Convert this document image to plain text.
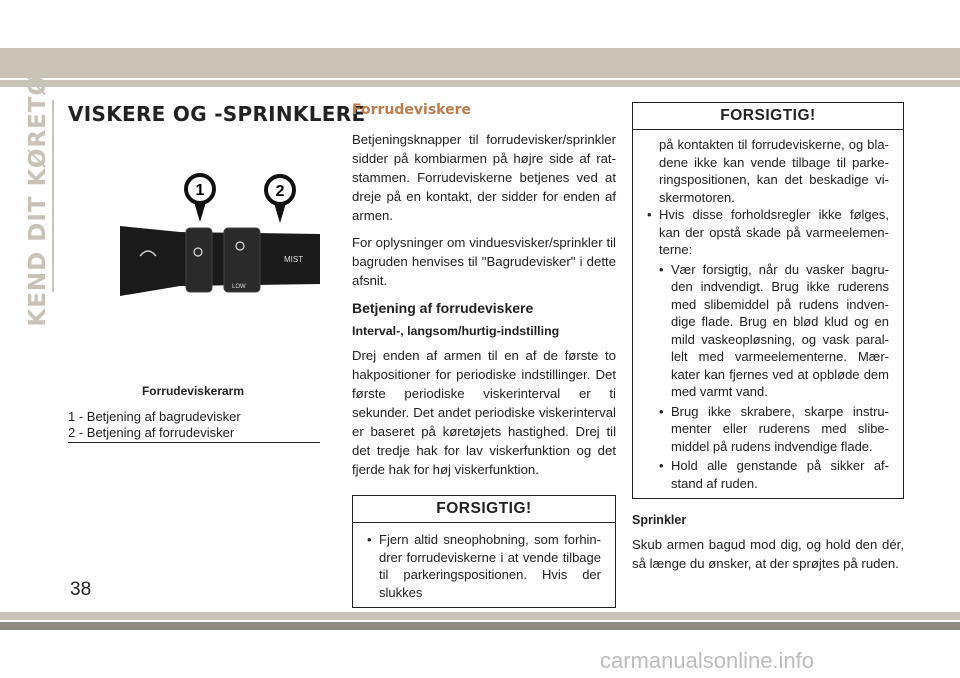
KEND DIT KØRETØJ VISKERE OG -SPRINKLERE
1	2
MIST
LOW
Forrudeviskerarm
1 - Betjening af bagrudevisker
2 - Betjening af forrudevisker
Forrudeviskere

Betjeningsknapper til forrudevisker/sprinkler sidder på kombiarmen på højre side af rat-stammen. Forrudeviskerne betjenes ved at dreje på en kontakt, der sidder for enden af armen.

For oplysninger om vinduesvisker/sprinkler til bagruden henvises til "Bagrudevisker" i dette afsnit.

Betjening af forrudeviskere
Interval-, langsom/hurtig-indstilling

Drej enden af armen til en af de første to hakpositioner for periodiske indstillinger. Det første periodiske viskerinterval er ti sekunder. Det andet periodiske viskerinterval er baseret på køretøjets hastighed. Drej til det tredje hak for lav viskerfunktion og det fjerde hak for høj viskerfunktion.

FORSIGTIG!
• Fjern altid sneophobning, som forhin-drer forrudeviskerne i at vende tilbage til parkeringspositionen. Hvis der slukkes
FORSIGTIG!

på kontakten til forrudeviskerne, og bla-dene ikke kan vende tilbage til parke-ringspositionen, kan det beskadige vi-skermotoren.

• Hvis disse forholdsregler ikke følges, kan der opstå skade på varmeelemen-terne:
• Vær forsigtig, når du vasker bagru-den indvendigt. Brug ikke ruderens med slibemiddel på rudens indven-dige flade. Brug en blød klud og en mild vaskeopløsning, og vask paral-lelt med varmeelementerne. Mær-kater kan fjernes ved at opbløde dem med varmt vand.
• Brug ikke skrabere, skarpe instru-menter eller ruderens med slibe-middel på rudens indvendige flade.
• Hold alle genstande på sikker af-stand af ruden.
Sprinkler

Skub armen bagud mod dig, og hold den dér, så længe du ønsker, at der sprøjtes på ruden.

38
carmanualsonline.info
